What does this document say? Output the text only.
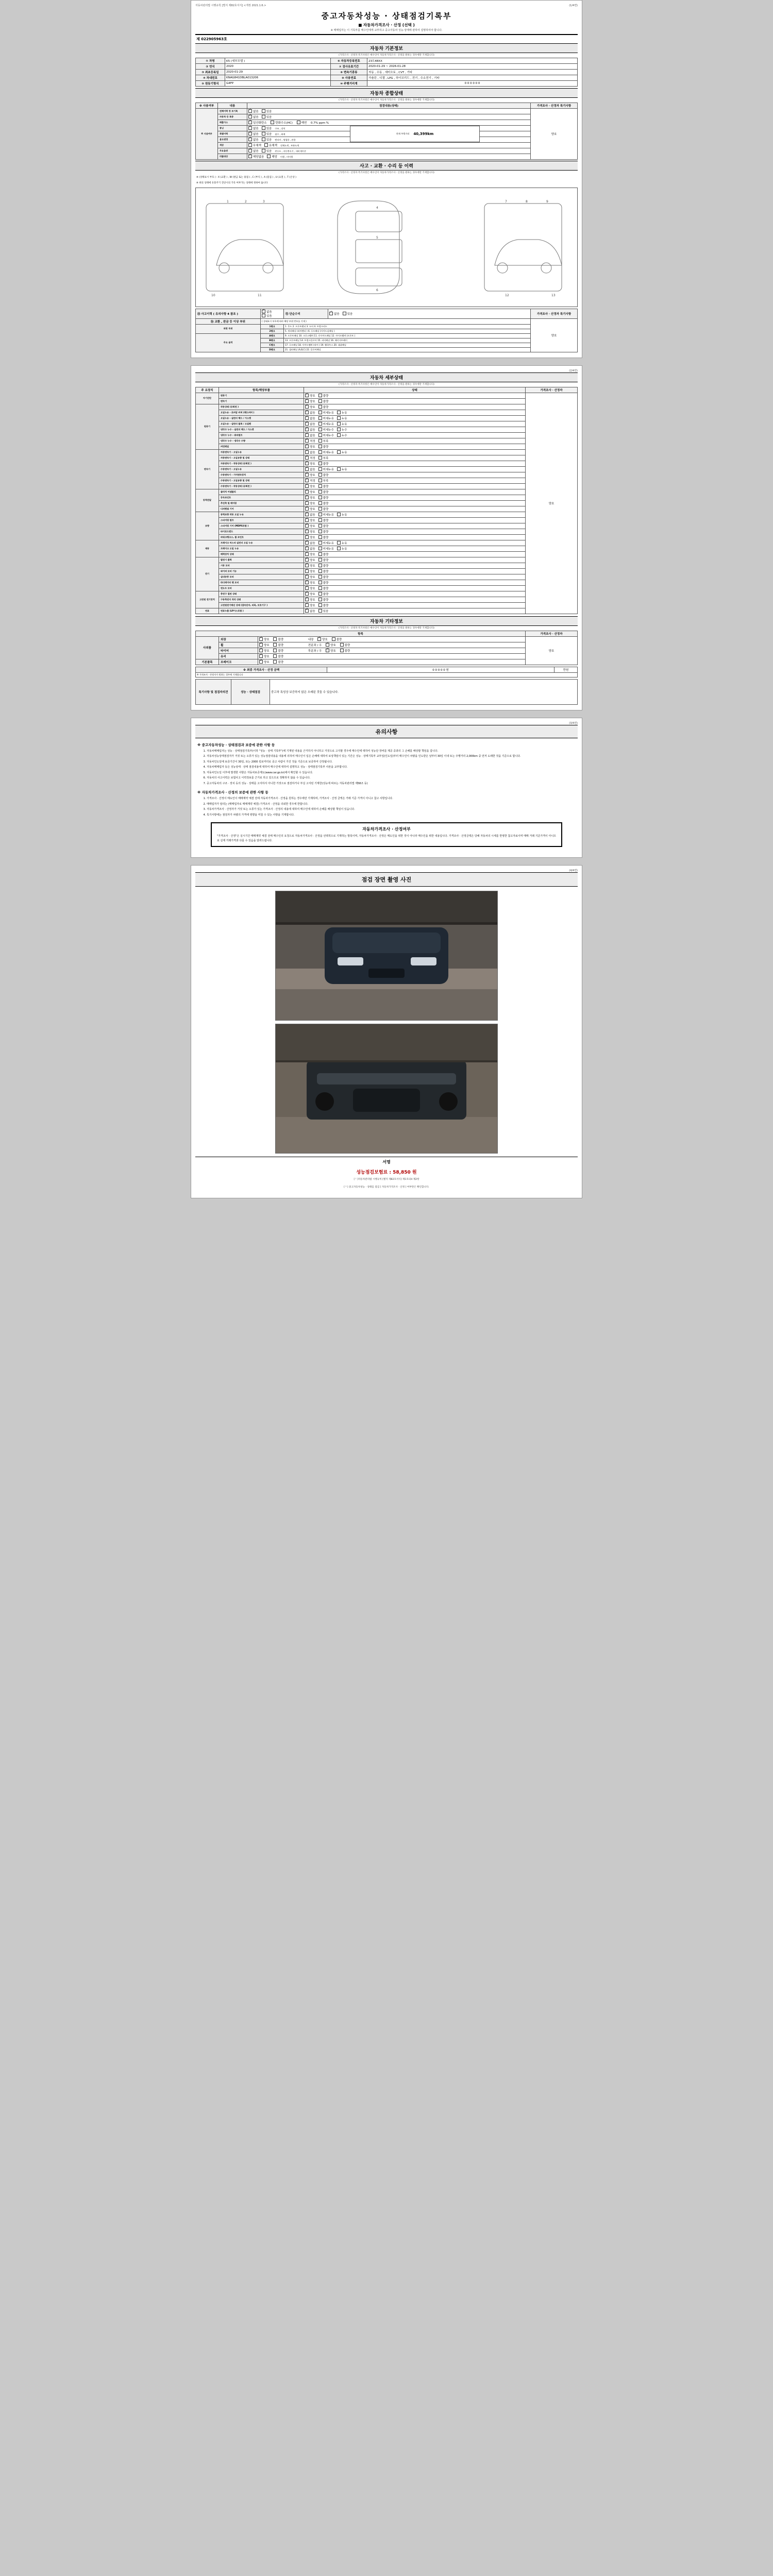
자동차관리법 시행규칙 [별지 제82호서식] <개정 2021.1.6.>	(1/4면)
중고자동차성능 · 상태점검기록부
■ 자동차가격조사 · 산정 (선택 )
※ 매매업자는 이 기록부를 매수인에게 교부하고 중고자동차 성능·상태에 관하여 설명하여야 합니다.
제 022905963호
자동차 기본정보
(가격조사 · 산정자 특기사항은 매수인이 자동차가격조사 · 산정을 원하는 경우에만 기재합니다)
① 차명	K5 (세부모델 )	⑥ 자동차등록번호	23도48XX
② 연식	2020	⑦ 검사유효기간	2020-01-29 ~ 2026-01-28
③ 최초등록일	2020-01-29	⑧ 변속기종류	자동 , 수동 , 세미오토 , CVT , 기타
④ 차대번호	KNAG841DBLA013206	⑨ 사용연료	가솔린 , 디젤 , LPG , 하이브리드 , 전기 , 수소전기 , 기타
⑤ 원동기형식	G4FP	⑩ 주행거리계	0 0 0 0 0 0
자동차 종합상태
(가격조사 · 산정자 특기사항은 매수인이 자동차가격조사 · 산정을 원하는 경우에만 기재합니다)
※ 사용여부	내용	점검내용(상태)	가격조사 · 산정자 특기사항
※ 사용여부	전체이력 정 보기록	✓없음 있음	양호
	자동차 등 록증	✓없음 있음
	배출가스	✓일산화탄소 탄화수소(HC) 매연 0.7% ppm %
	튜닝	✓없음 있음 구조 , 장치
	특별이력	✓없음 있음 침수 , 화재
	용도변경	✓없음 있음 렌터카 , 영업용 , 관용
	색상	✓무채색 유채색 전체도색 , 부분도색
	주요옵션	✓없음 있음 썬루프 , 자동변속기 , 내비게이션
	리콜대상	✓해당없음 해당 이행 , 미이행
현재 주행거리 40,399km
사고 · 교환 · 수리 등 이력
(가격조사 · 산정자 특기사항은 매수인이 자동차가격조사 · 산정을 원하는 경우에만 기재합니다)
※ (상태표시 부호 ) : X (교환 ) , W (판금 또는 용접 ) , C (부식 ) , A (흠집 ) , U (요철 ) , T (손상 )
※ 위의 상태에 유통주기 진단시의 기록 여부가는 상태에 정하여 둡니다
1	2	3
4
5
6
7	8	9
10	11	12	13
⑭ 사고이력 ( 유의사항 4 참조 )	✓없음있음	⑮ 단순수리	✓없음 있음	가격조사 · 산정자 특기사항
⑯ 교환 , 판금 등 이상 부위	( 상태표시 부호에 따라 해당 부위 번호를 기재 )			양호
외판 부위	1랭크	1. 후드 2. 프론트펜더 3. 도어 4. 트렁크리드		
	2랭크	5. 쿼터패널 (리어펜더 ) 6. 루프패널 (사이드실패널 )		
주요 골격	A랭크	9. 프론트패널 10. 크로스멤버 11. 인사이드패널 12. 사이드멤버 (프론트 )		
	B랭크	13. 프론트패널 14. 트렁크플로어 15. 리어패널 16. 패키지트레이		
	C랭크	17. 루프패널 18. 사이드멤버 (리어 ) 19. 휠하우스 20. 대쉬패널		
	D랭크	21. 필러패널 (A,B,C) 22. 플로어패널		
(2/4면)
자동차 세부상태
(가격조사 · 산정자 특기사항은 매수인이 자동차가격조사 · 산정을 원하는 경우에만 기재합니다)
주 요장치	항목/해당부품	상태	가격조사 · 산정자
자기진단	원동기	✓양호 불량	양호
	변속기	✓양호 불량
원동기	작동상태 (공회전 )	✓양호 불량
	오일누유 - 로커암 커버 (헤드커버 )	✓없음 미세누유 누유
	오일누유 - 실린더 헤드 / 가스켓	✓없음 미세누유 누유
	오일누유 - 실린더 블록 / 오일팬	✓없음 미세누유 누유
	냉각수 누수 - 실린더 헤드 / 가스켓	✓없음 미세누수 누수
	냉각수 누수 - 워터펌프	✓없음 미세누수 누수
	냉각수 누수 - 냉각수 수량	✓적정 부족
	커먼레일	✓양호 불량
변속기	자동변속기 - 오일누유	✓없음 미세누유 누유
	자동변속기 - 오일유량 및 상태	✓적정 부족
	자동변속기 - 작동상태 (공회전 )	✓양호 불량
	수동변속기 - 오일누유	✓없음 미세누유 누유
	수동변속기 - 기어변속장치	✓양호 불량
	수동변속기 - 오일유량 및 상태	✓적정 부족
	수동변속기 - 작동상태 (공회전 )	✓양호 불량
동력전달	클러치 어셈블리	✓양호 불량
	등속조인트	✓양호 불량
	추진축 및 베어링	✓양호 불량
	디퍼렌셜 기어	✓양호 불량
조향	동력조향 작동 오일 누유	✓없음 미세누유 누유
	스티어링 펌프	✓양호 불량
	스티어링 기어 (MDPS포함 )	✓양호 불량
	타이로드엔드	✓양호 불량
	파워크랭크스, 볼 조인트	✓양호 불량
제동	브레이크 마스터 실린더 오일 누유	✓없음 미세누유 누유
	브레이크 오일 누유	✓없음 미세누유 누유
	배력장치 상태	✓양호 불량
전기	발전기 출력	✓양호 불량
	시동 모터	✓양호 불량
	와이퍼 모터 기능	✓양호 불량
	실내송풍 모터	✓양호 불량
	라디에이터 팬 모터	✓양호 불량
	윈도우 모터	✓양호 불량
고전원 전기장치	충전구 절연 상태	✓양호 불량
	구동축전지 격리 상태	✓양호 불량
	고전원전기배선 상태 (접속단자, 피복, 보호기구 )	✓양호 불량
연료	연료누출 (LP가스포함 )	✓없음 있음
자동차 기타정보
(가격조사 · 산정자 특기사항은 매수인이 자동차가격조사 · 산정을 원하는 경우에만 기재합니다)
항목			가격조사 · 산정자
사외품	외장	✓양호 불량 내장 ✓ 양호 불량	양호
	휠	✓양호 불량 전륜좌 / 우 ✓ 양호 불량
	타이어	✓양호 불량 후륜좌 / 우 ✓ 양호 불량
	유리	✓양호 불량
기본품목	브레이크	✓양호 불량
※ 최종 가격조사 · 산정 금액	0 0 0 0 0 원	만원
※ 가격조사 · 산정자가 원하는 경우에 기재합니다
특기사항 및 점검자의견	성능 · 상태점검	중고차 특성상 보증하지 않은 오래된 것들 수 있습니다.
(3/4면)
유의사항
※ 중고자동차성능 · 상태점검과 보증에 관한 사항 등
1. 자동차매매업자는 성능 · 상태점검기록부(이하 "성능 · 상태 기록부")에 기재된 내용을 근거하지 아니하고 거짓으로 고지할 경우에 매수인에 대하여 성능단 장비를 제공 중과의 그 손해를 배상할 책임을 집니다.
2. 자동차성능상태점검자가 거짓 또는 오류가 있는 성능점검내용을 내용에 의하여 매수인이 입은 손해에 대하여 보상책임이 있는 기간은 성능 · 상태기록부 교부일(인도일)부터 매수인이 차량을 인도받은 날부터 30일 이내 또는 주행거리 2,000km 중 먼저 도래한 것을 기준으로 합니다.
3. 자동차인도일에 보증기간이 30일, 또는 2000 킬로미터로 중고 사람이 가진 것을 기준으로 보증하여 산정됩니다.
4. 자동차매매업자 등은 성능상태 · 상태 점검내용에 대하여 매수인에 대하여 설명하고 성능 · 상태점검기록부 사본을 교부합니다.
5. 자동차인도일 이후에 발생한 사항은 자동차보증제도(www.car.go.kr)에서 확인할 수 있습니다.
6. 자동차의 사고이력은 보험사고 이력정보를 근거로 하고 있으므로 정확하지 않을 수 있습니다.
7. 중고자동차의 구조 · 장치 등의 성능 · 상태를 고지하지 아니한 거짓으로 점검하거나 부실 고지된 기재한(성능에 따르는 자동차관리법 제58조 등)
※ 자동차가격조사 · 산정의 보증에 관한 사항 등
1. 가격조사 · 산정이 매도인이 매매계약 체결 전에 자동차가격조사 · 산정을 원하는 경우에만 기재하며, 가격조사 · 산정 금액은 거래 기준 가격이 아니고 참고 사항입니다.
2. 매매업자가 알리는 (매매업자로 매매계약 체결) 가격조사 · 산정을 의뢰한 경우에 한합니다.
3. 자동차가격조사 · 산정자가 거짓 또는 오류가 있는 가격조사 · 산정의 내용에 대하여 매수인에 대하여 손해를 배상할 책임이 있습니다.
4. 특기사항에는 점검자가 차량의 가격에 영향을 미칠 수 있는 사항을 기재합니다.
자동차가격조사 · 산정여부
"가격조사 · 산정"은 실시기간 매매계약 체결 전에 매수인의 요청으로 자동차가격조사 · 산정을 선택적으로 기재하는 항목이며, 자동차가격조사 · 산정은 매도인을 위한 것이 아니라 매수인을 위한 내용입니다. 가격조사 · 산정금액은 당해 자동차의 시세를 반영한 참고자료이며 매매 거래 기준가격이 아니므로 실제 거래가격과 다를 수 있음을 알려드립니다.
(4/4면)
점검 장면 촬영 사진
서명
성능점검보험료 : 58,850 원
[ ¹ ]자동차관리법 시행규칙 [별지 제82호서식] 제1호의4 제2항
[ ² ] 중고자동차성능 · 상태를 점검 [ 자동차가격조사 · 산정 ] 여부란은 확인합니다.
